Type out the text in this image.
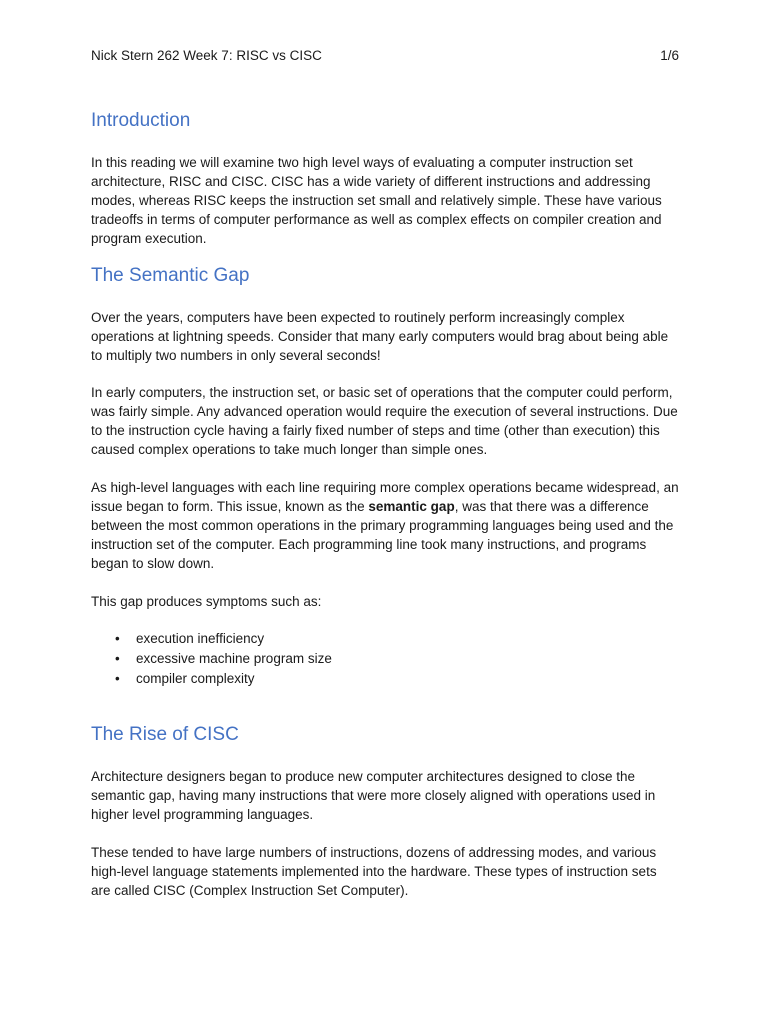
Nick Stern 262 Week 7: RISC vs CISC	1/6
Introduction

In this reading we will examine two high level ways of evaluating a computer instruction set architecture, RISC and CISC. CISC has a wide variety of different instructions and addressing modes, whereas RISC keeps the instruction set small and relatively simple. These have various tradeoffs in terms of computer performance as well as complex effects on compiler creation and program execution.

The Semantic Gap

Over the years, computers have been expected to routinely perform increasingly complex operations at lightning speeds. Consider that many early computers would brag about being able to multiply two numbers in only several seconds!

In early computers, the instruction set, or basic set of operations that the computer could perform, was fairly simple. Any advanced operation would require the execution of several instructions. Due to the instruction cycle having a fairly fixed number of steps and time (other than execution) this caused complex operations to take much longer than simple ones.

As high-level languages with each line requiring more complex operations became widespread, an issue began to form. This issue, known as the semantic gap, was that there was a difference between the most common operations in the primary programming languages being used and the instruction set of the computer. Each programming line took many instructions, and programs began to slow down.

This gap produces symptoms such as:

• execution inefficiency
• excessive machine program size
• compiler complexity
The Rise of CISC

Architecture designers began to produce new computer architectures designed to close the semantic gap, having many instructions that were more closely aligned with operations used in higher level programming languages.

These tended to have large numbers of instructions, dozens of addressing modes, and various high-level language statements implemented into the hardware. These types of instruction sets are called CISC (Complex Instruction Set Computer).
